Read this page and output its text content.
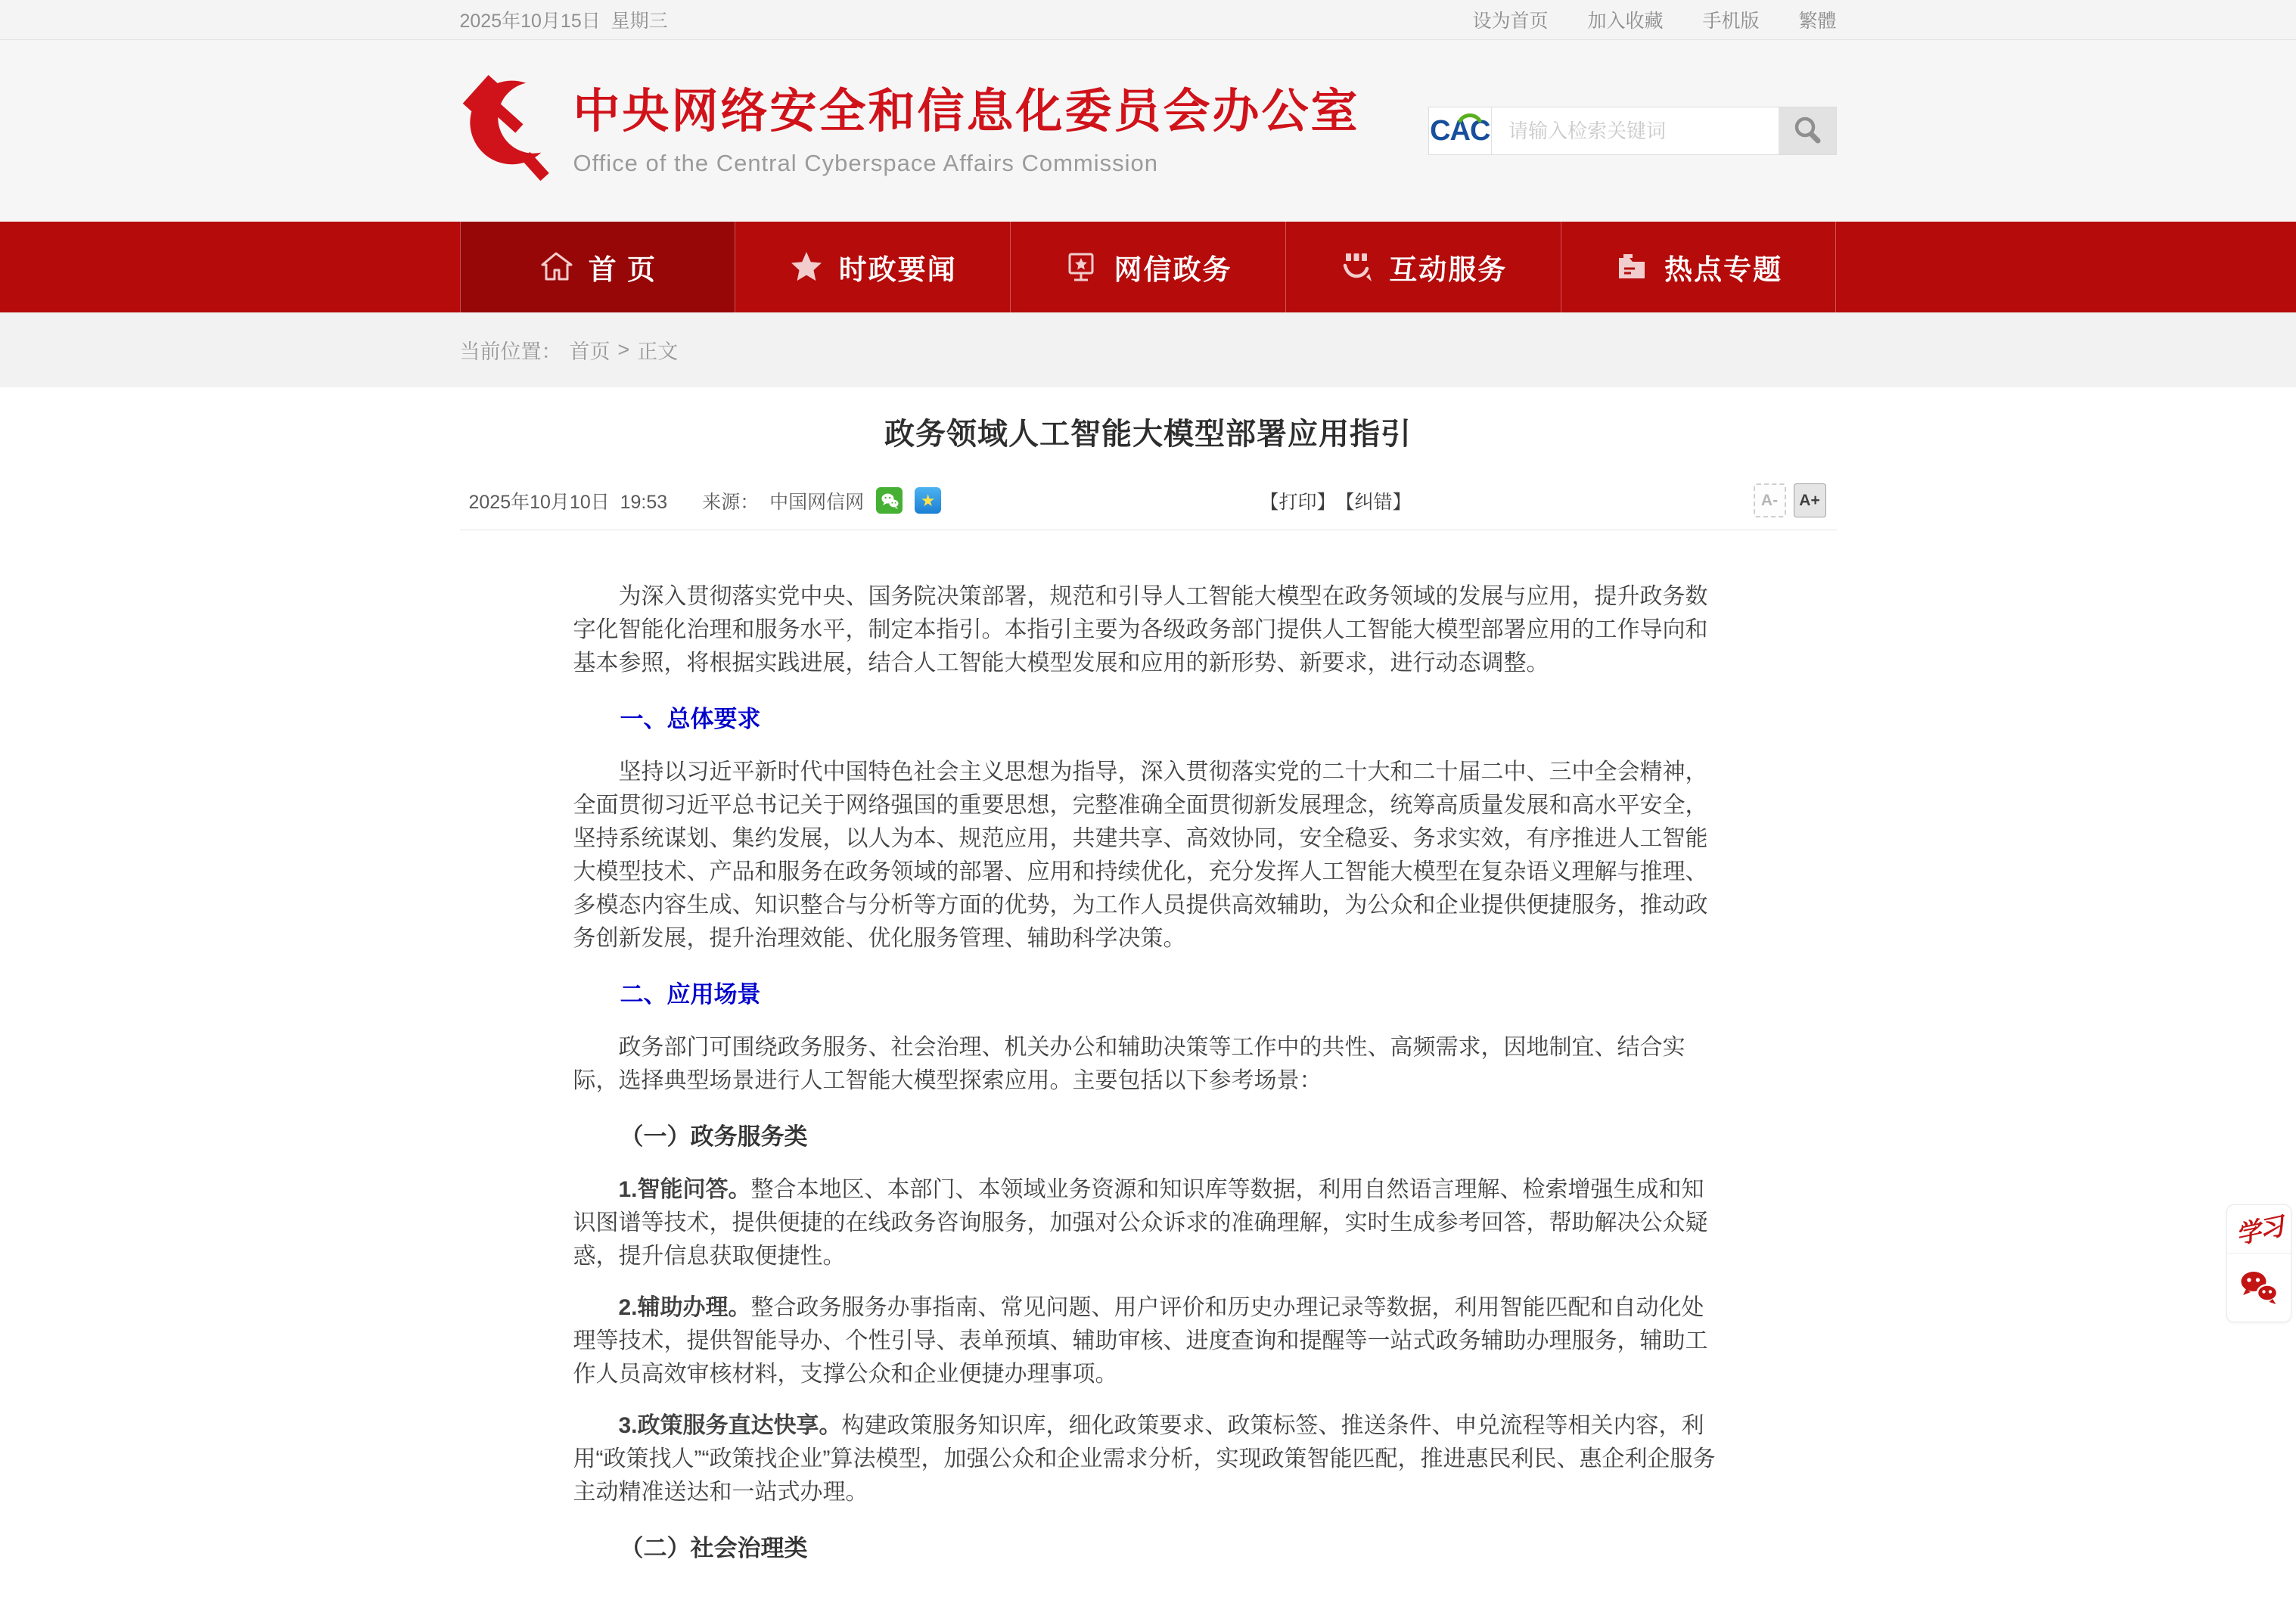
2025年10月15日  星期三	设为首页 加入收藏 手机版 繁體
中央网络安全和信息化委员会办公室
Office of the Central Cyberspace Affairs Commission
CAC
请输入检索关键词
首 页	时政要闻	网信政务	互动服务	热点专题
当前位置： 首页 > 正文
政务领域人工智能大模型部署应用指引
2025年10月10日  19:53 来源：  中国网信网	★	【打印】 【纠错】	A-	A+

为深入贯彻落实党中央、国务院决策部署，规范和引导人工智能大模型在政务领域的发展与应用，提升政务数字化智能化治理和服务水平，制定本指引。本指引主要为各级政务部门提供人工智能大模型部署应用的工作导向和基本参照，将根据实践进展，结合人工智能大模型发展和应用的新形势、新要求，进行动态调整。

一、总体要求

坚持以习近平新时代中国特色社会主义思想为指导，深入贯彻落实党的二十大和二十届二中、三中全会精神，全面贯彻习近平总书记关于网络强国的重要思想，完整准确全面贯彻新发展理念，统筹高质量发展和高水平安全，坚持系统谋划、集约发展，以人为本、规范应用，共建共享、高效协同，安全稳妥、务求实效，有序推进人工智能大模型技术、产品和服务在政务领域的部署、应用和持续优化，充分发挥人工智能大模型在复杂语义理解与推理、多模态内容生成、知识整合与分析等方面的优势，为工作人员提供高效辅助，为公众和企业提供便捷服务，推动政务创新发展，提升治理效能、优化服务管理、辅助科学决策。

二、应用场景

政务部门可围绕政务服务、社会治理、机关办公和辅助决策等工作中的共性、高频需求，因地制宜、结合实际，选择典型场景进行人工智能大模型探索应用。主要包括以下参考场景：

（一）政务服务类

1.智能问答。整合本地区、本部门、本领域业务资源和知识库等数据，利用自然语言理解、检索增强生成和知识图谱等技术，提供便捷的在线政务咨询服务，加强对公众诉求的准确理解，实时生成参考回答，帮助解决公众疑惑，提升信息获取便捷性。

2.辅助办理。整合政务服务办事指南、常见问题、用户评价和历史办理记录等数据，利用智能匹配和自动化处理等技术，提供智能导办、个性引导、表单预填、辅助审核、进度查询和提醒等一站式政务辅助办理服务，辅助工作人员高效审核材料，支撑公众和企业便捷办理事项。

3.政策服务直达快享。构建政策服务知识库，细化政策要求、政策标签、推送条件、申兑流程等相关内容，利用“政策找人”“政策找企业”算法模型，加强公众和企业需求分析，实现政策智能匹配，推进惠民利民、惠企利企服务主动精准送达和一站式办理。

（二）社会治理类
学习
